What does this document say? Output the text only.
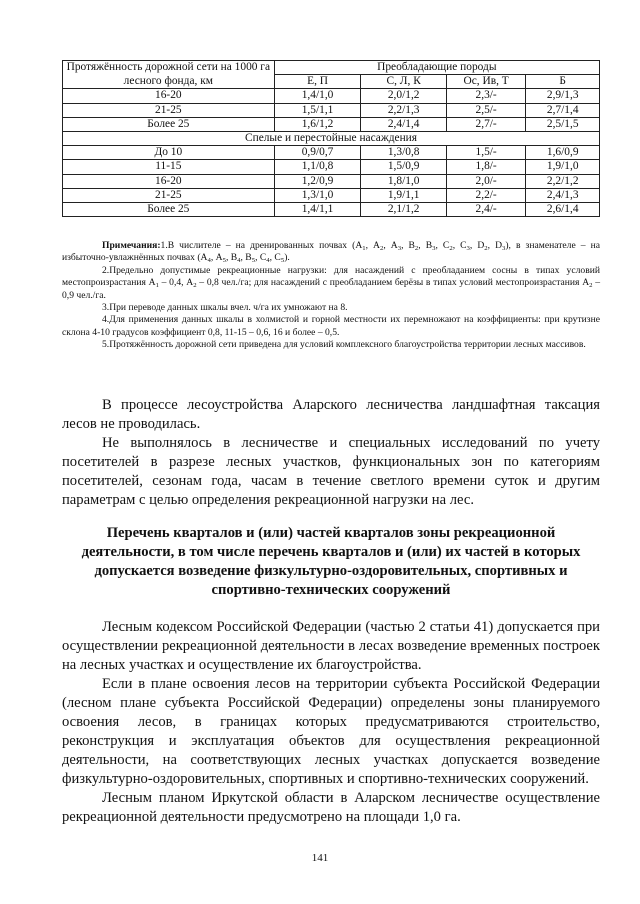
Протяжённость дорожной сети на 1000 га лесного фонда, км	Преобладающие породы			
	Е, П	С, Л, К	Ос, Ив, Т	Б
16-20	1,4/1,0	2,0/1,2	2,3/-	2,9/1,3
21-25	1,5/1,1	2,2/1,3	2,5/-	2,7/1,4
Более 25	1,6/1,2	2,4/1,4	2,7/-	2,5/1,5
Спелые и перестойные насаждения				
До 10	0,9/0,7	1,3/0,8	1,5/-	1,6/0,9
11-15	1,1/0,8	1,5/0,9	1,8/-	1,9/1,0
16-20	1,2/0,9	1,8/1,0	2,0/-	2,2/1,2
21-25	1,3/1,0	1,9/1,1	2,2/-	2,4/1,3
Более 25	1,4/1,1	2,1/1,2	2,4/-	2,6/1,4

Примечания:1.В числителе – на дренированных почвах ($А_1$, $А_2$, $А_3$, $В_2$, $В_3$, $С_2$, $С_3$, $D_2$, $D_3$), в знаменателе – на избыточно-увлажнённых почвах ($А_4$, $А_5$, $В_4$, $В_5$, $С_4$, $С_5$).

2.Предельно допустимые рекреационные нагрузки: для насаждений с преобладанием сосны в типах условий местопроизрастания $А_1 - 0,4$, $А_2 - 0,8$ чел./га; для насаждений с преобладанием берёзы в типах условий местопроизрастания $А_2 - 0,9$ чел./га.

3.При переводе данных шкалы вчел. ч/га их умножают на 8.

4.Для применения данных шкалы в холмистой и горной местности их перемножают на коэффициенты: при крутизне склона 4-10 градусов коэффициент 0,8, 11-15 – 0,6, 16 и более – 0,5.

5.Протяжённость дорожной сети приведена для условий комплексного благоустройства территории лесных массивов.

В процессе лесоустройства Аларского лесничества ландшафтная таксация лесов не проводилась.

Не выполнялось в лесничестве и специальных исследований по учету посетителей в разрезе лесных участков, функциональных зон по категориям посетителей, сезонам года, часам в течение светлого времени суток и другим параметрам с целью определения рекреационной нагрузки на лес.

Перечень кварталов и (или) частей кварталов зоны рекреационной деятельности, в том числе перечень кварталов и (или) их частей в которых допускается возведение физкультурно-оздоровительных, спортивных и спортивно-технических сооружений

Лесным кодексом Российской Федерации (частью 2 статьи 41) допускается при осуществлении рекреационной деятельности в лесах возведение временных построек на лесных участках и осуществление их благоустройства.

Если в плане освоения лесов на территории субъекта Российской Федерации (лесном плане субъекта Российской Федерации) определены зоны планируемого освоения лесов, в границах которых предусматриваются строительство, реконструкция и эксплуатация объектов для осуществления рекреационной деятельности, на соответствующих лесных участках допускается возведение физкультурно-оздоровительных, спортивных и спортивно-технических сооружений.

Лесным планом Иркутской области в Аларском лесничестве осуществление рекреационной деятельности предусмотрено на площади 1,0 га.

141
